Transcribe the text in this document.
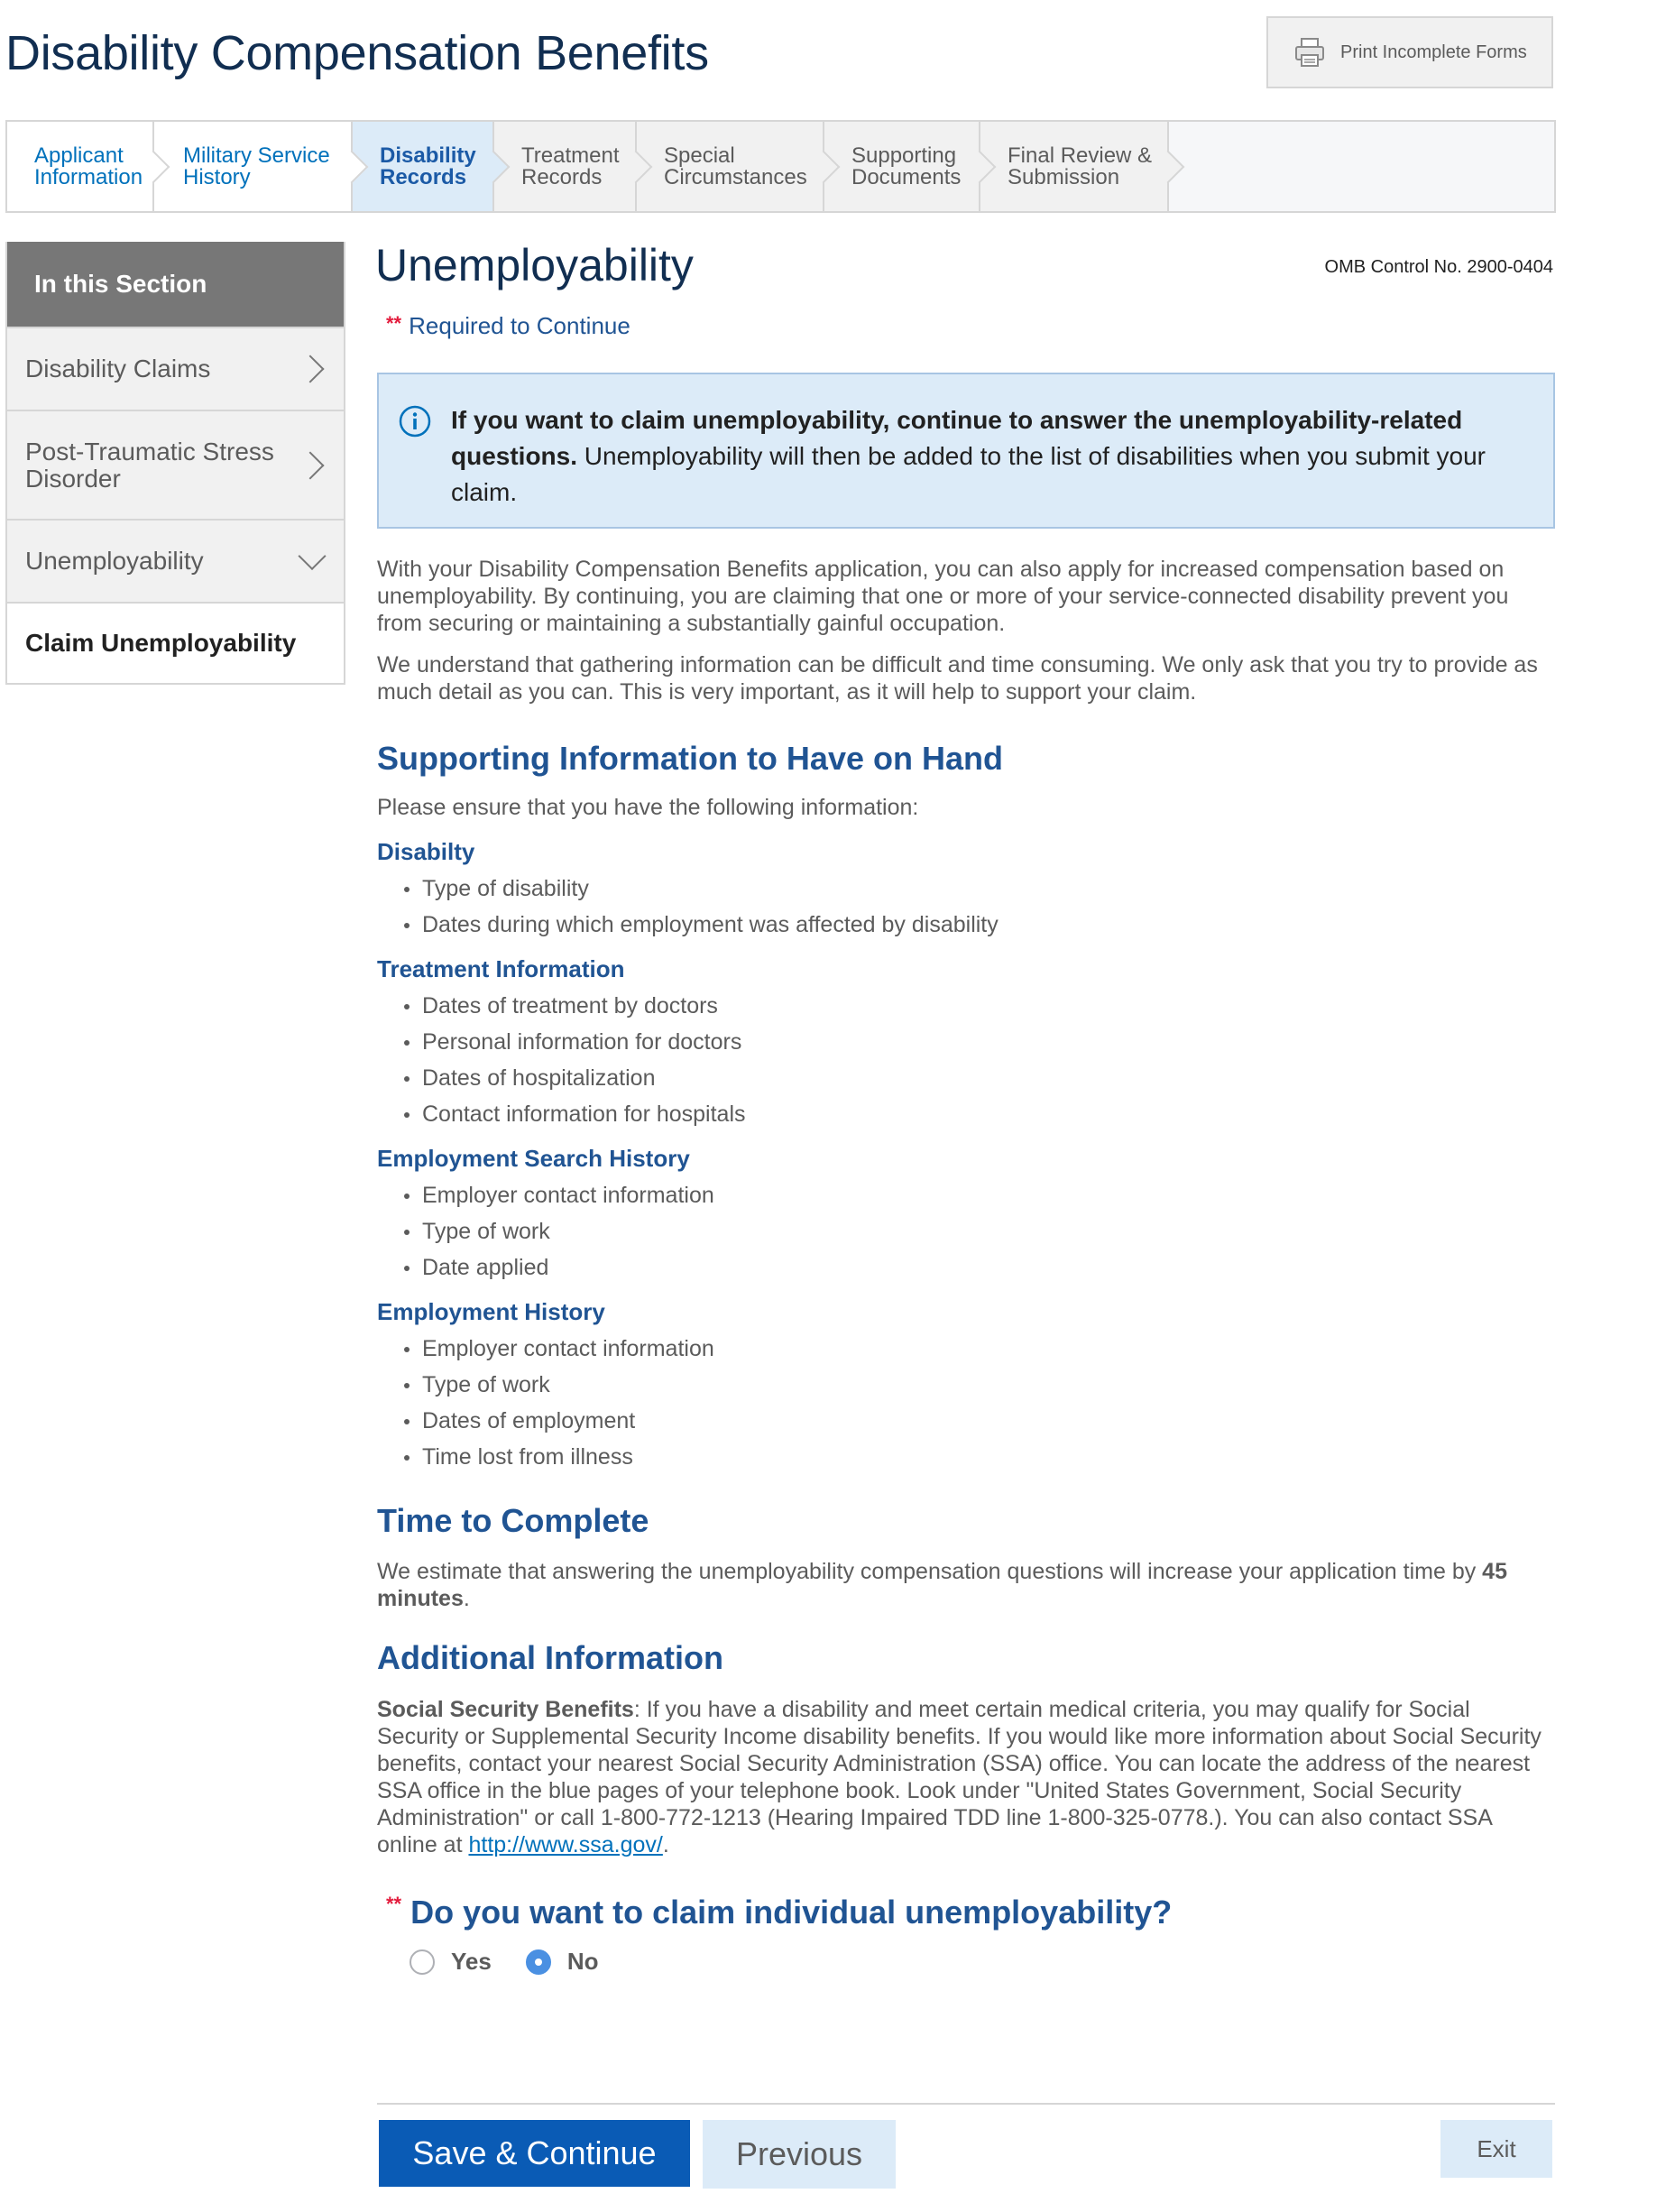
Disability Compensation Benefits	Print Incomplete Forms
Applicant
Information
Military Service
History
Disability
Records
Treatment
Records
Special
Circumstances
Supporting
Documents
Final Review &
Submission
In this Section
Disability Claims
Post-Traumatic Stress Disorder
Unemployability
Claim Unemployability
Unemployability	OMB Control No. 2900-0404
** Required to Continue
If you want to claim unemployability, continue to answer the unemployability-related questions. Unemployability will then be added to the list of disabilities when you submit your claim.

With your Disability Compensation Benefits application, you can also apply for increased compensation based on unemployability. By continuing, you are claiming that one or more of your service-connected disability prevent you from securing or maintaining a substantially gainful occupation.

We understand that gathering information can be difficult and time consuming. We only ask that you try to provide as much detail as you can. This is very important, as it will help to support your claim.

Supporting Information to Have on Hand

Please ensure that you have the following information:

Disabilty
Type of disability
Dates during which employment was affected by disability
Treatment Information
Dates of treatment by doctors
Personal information for doctors
Dates of hospitalization
Contact information for hospitals
Employment Search History
Employer contact information
Type of work
Date applied
Employment History
Employer contact information
Type of work
Dates of employment
Time lost from illness
Time to Complete

We estimate that answering the unemployability compensation questions will increase your application time by 45 minutes.

Additional Information

Social Security Benefits: If you have a disability and meet certain medical criteria, you may qualify for Social Security or Supplemental Security Income disability benefits. If you would like more information about Social Security benefits, contact your nearest Social Security Administration (SSA) office. You can locate the address of the nearest SSA office in the blue pages of your telephone book. Look under "United States Government, Social Security Administration" or call 1-800-772-1213 (Hearing Impaired TDD line 1-800-325-0778.). You can also contact SSA online at http://www.ssa.gov/.

** Do you want to claim individual unemployability?
Yes	No
Save & Continue	Previous	Exit
